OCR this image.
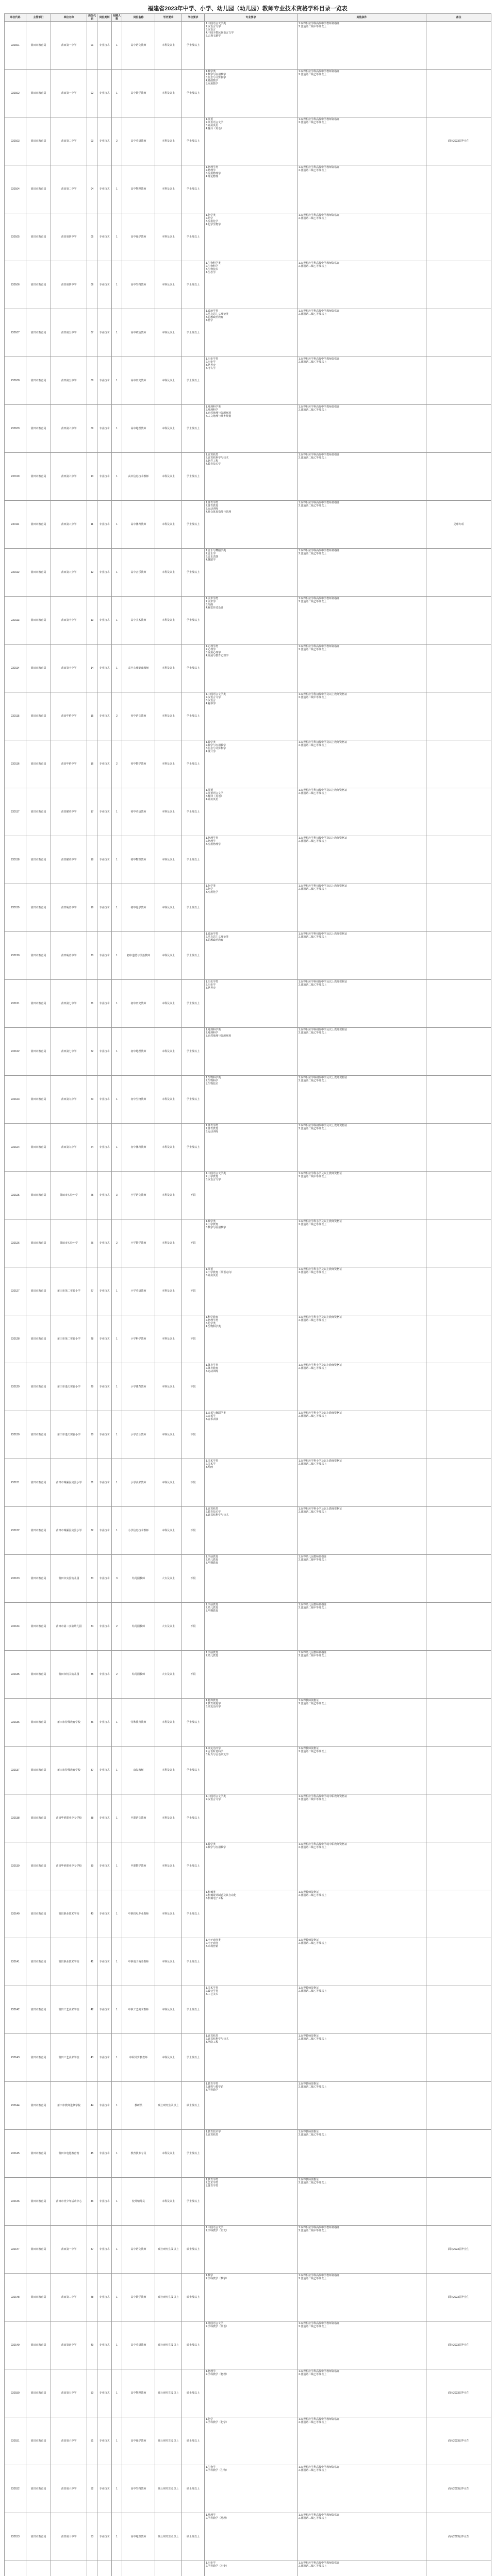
福建省2023年中学、小学、幼儿园（幼儿园）教师专业技术资格学科目录一览表
单位代码	主管部门	单位名称	岗位代码	岗位类别	招聘人数	岗位名称	学历要求	学位要求	专业要求	其他条件	备注
230101	莆田市教育局	莆田第一中学	01	专业技术	1	高中语文教师	本科及以上	学士及以上	1.中国语言文学类
2.汉语言文学
3.汉语言
4.中国少数民族语言文学
5.古典文献学	1.取得相应学科高级中学教师资格证
2.普通话二级甲等及以上	
230102	莆田市教育局	莆田第一中学	02	专业技术	1	高中数学教师	本科及以上	学士及以上	1.数学类
2.数学与应用数学
3.信息与计算科学
4.基础数学
5.应用数学	1.取得相应学科高级中学教师资格证
2.普通话二级乙等及以上	
230103	莆田市教育局	莆田第二中学	03	专业技术	2	高中英语教师	本科及以上	学士及以上	1.英语
2.英语语言文学
3.商务英语
4.翻译（英语）	1.取得相应学科高级中学教师资格证
2.普通话二级乙等及以上	面向2023届毕业生
230104	莆田市教育局	莆田第二中学	04	专业技术	1	高中物理教师	本科及以上	学士及以上	1.物理学类
2.物理学
3.应用物理学
4.理论物理	1.取得相应学科高级中学教师资格证
2.普通话二级乙等及以上	
230105	莆田市教育局	莆田第四中学	05	专业技术	1	高中化学教师	本科及以上	学士及以上	1.化学类
2.化学
3.应用化学
4.化学生物学	1.取得相应学科高级中学教师资格证
2.普通话二级乙等及以上	
230106	莆田市教育局	莆田第四中学	06	专业技术	1	高中生物教师	本科及以上	学士及以上	1.生物科学类
2.生物科学
3.生物技术
4.生态学	1.取得相应学科高级中学教师资格证
2.普通话二级乙等及以上	
230107	莆田市教育局	莆田第五中学	07	专业技术	1	高中政治教师	本科及以上	学士及以上	1.政治学类
2.马克思主义理论类
3.思想政治教育
4.哲学	1.取得相应学科高级中学教师资格证
2.普通话二级乙等及以上	
230108	莆田市教育局	莆田第五中学	08	专业技术	1	高中历史教师	本科及以上	学士及以上	1.历史学类
2.历史学
3.世界史
4.考古学	1.取得相应学科高级中学教师资格证
2.普通话二级乙等及以上	
230109	莆田市教育局	莆田第六中学	09	专业技术	1	高中地理教师	本科及以上	学士及以上	1.地理科学类
2.地理科学
3.自然地理与资源环境
4.人文地理与城乡规划	1.取得相应学科高级中学教师资格证
2.普通话二级乙等及以上	
230110	莆田市教育局	莆田第六中学	10	专业技术	1	高中信息技术教师	本科及以上	学士及以上	1.计算机类
2.计算机科学与技术
3.软件工程
4.教育技术学	1.取得相应学科高级中学教师资格证
2.普通话二级乙等及以上	
230111	莆田市教育局	莆田第八中学	11	专业技术	1	高中体育教师	本科及以上	学士及以上	1.体育学类
2.体育教育
3.运动训练
4.社会体育指导与管理	1.取得相应学科高级中学教师资格证
2.普通话二级乙等及以上	足球专项
230112	莆田市教育局	莆田第八中学	12	专业技术	1	高中音乐教师	本科及以上	学士及以上	1.音乐与舞蹈学类
2.音乐学
3.音乐表演
4.舞蹈学	1.取得相应学科高级中学教师资格证
2.普通话二级乙等及以上	
230113	莆田市教育局	莆田第十中学	13	专业技术	1	高中美术教师	本科及以上	学士及以上	1.美术学类
2.美术学
3.绘画
4.视觉传达设计	1.取得相应学科高级中学教师资格证
2.普通话二级乙等及以上	
230114	莆田市教育局	莆田第十中学	14	专业技术	1	高中心理健康教师	本科及以上	学士及以上	1.心理学类
2.心理学
3.应用心理学
4.发展与教育心理学	1.取得相应学科高级中学教师资格证
2.普通话二级乙等及以上	
230115	莆田市教育局	莆田华侨中学	15	专业技术	2	初中语文教师	本科及以上	学士及以上	1.中国语言文学类
2.汉语言文学
3.汉语言
4.秘书学	1.取得相应学科初级中学及以上教师资格证
2.普通话二级甲等及以上	
230116	莆田市教育局	莆田华侨中学	16	专业技术	2	初中数学教师	本科及以上	学士及以上	1.数学类
2.数学与应用数学
3.信息与计算科学
4.统计学	1.取得相应学科初级中学及以上教师资格证
2.普通话二级乙等及以上	
230117	莆田市教育局	莆田擢英中学	17	专业技术	1	初中英语教师	本科及以上	学士及以上	1.英语
2.英语语言文学
3.翻译（英语）
4.商务英语	1.取得相应学科初级中学及以上教师资格证
2.普通话二级乙等及以上	
230118	莆田市教育局	莆田擢英中学	18	专业技术	1	初中物理教师	本科及以上	学士及以上	1.物理学类
2.物理学
3.应用物理学	1.取得相应学科初级中学及以上教师资格证
2.普通话二级乙等及以上	
230119	莆田市教育局	莆田砺青中学	19	专业技术	1	初中化学教师	本科及以上	学士及以上	1.化学类
2.化学
3.应用化学	1.取得相应学科初级中学及以上教师资格证
2.普通话二级乙等及以上	
230120	莆田市教育局	莆田砺青中学	20	专业技术	1	初中道德与法治教师	本科及以上	学士及以上	1.政治学类
2.马克思主义理论类
3.思想政治教育	1.取得相应学科初级中学及以上教师资格证
2.普通话二级乙等及以上	
230121	莆田市教育局	莆田第七中学	21	专业技术	1	初中历史教师	本科及以上	学士及以上	1.历史学类
2.历史学
3.世界史	1.取得相应学科初级中学及以上教师资格证
2.普通话二级乙等及以上	
230122	莆田市教育局	莆田第七中学	22	专业技术	1	初中地理教师	本科及以上	学士及以上	1.地理科学类
2.地理科学
3.自然地理与资源环境	1.取得相应学科初级中学及以上教师资格证
2.普通话二级乙等及以上	
230123	莆田市教育局	莆田第九中学	23	专业技术	1	初中生物教师	本科及以上	学士及以上	1.生物科学类
2.生物科学
3.生物技术	1.取得相应学科初级中学及以上教师资格证
2.普通话二级乙等及以上	
230124	莆田市教育局	莆田第九中学	24	专业技术	1	初中体育教师	本科及以上	学士及以上	1.体育学类
2.体育教育
3.运动训练	1.取得相应学科初级中学及以上教师资格证
2.普通话二级乙等及以上	
230125	莆田市教育局	莆田市实验小学	25	专业技术	3	小学语文教师	本科及以上	不限	1.中国语言文学类
2.小学教育
3.汉语言文学	1.取得相应学科小学及以上教师资格证
2.普通话二级甲等及以上	
230126	莆田市教育局	莆田市实验小学	26	专业技术	2	小学数学教师	本科及以上	不限	1.数学类
2.小学教育
3.数学与应用数学	1.取得相应学科小学及以上教师资格证
2.普通话二级乙等及以上	
230127	莆田市教育局	莆田市第二实验小学	27	专业技术	1	小学英语教师	本科及以上	不限	1.英语
2.小学教育（英语方向）
3.商务英语	1.取得相应学科小学及以上教师资格证
2.普通话二级乙等及以上	
230128	莆田市教育局	莆田市第二实验小学	28	专业技术	1	小学科学教师	本科及以上	不限	1.科学教育
2.物理学类
3.化学类
4.生物科学类	1.取得相应学科小学及以上教师资格证
2.普通话二级乙等及以上	
230129	莆田市教育局	莆田市逸夫实验小学	29	专业技术	1	小学体育教师	本科及以上	不限	1.体育学类
2.体育教育
3.运动训练	1.取得相应学科小学及以上教师资格证
2.普通话二级乙等及以上	
230130	莆田市教育局	莆田市逸夫实验小学	30	专业技术	1	小学音乐教师	本科及以上	不限	1.音乐与舞蹈学类
2.音乐学
3.音乐表演	1.取得相应学科小学及以上教师资格证
2.普通话二级乙等及以上	
230131	莆田市教育局	莆田市城厢区实验小学	31	专业技术	1	小学美术教师	本科及以上	不限	1.美术学类
2.美术学
3.绘画	1.取得相应学科小学及以上教师资格证
2.普通话二级乙等及以上	
230132	莆田市教育局	莆田市城厢区实验小学	32	专业技术	1	小学信息技术教师	本科及以上	不限	1.计算机类
2.教育技术学
3.计算机科学与技术	1.取得相应学科小学及以上教师资格证
2.普通话二级乙等及以上	
230133	莆田市教育局	莆田市实验幼儿园	33	专业技术	3	幼儿园教师	大专及以上	不限	1.学前教育
2.幼儿教育
3.早期教育	1.取得幼儿园教师资格证
2.普通话二级甲等及以上	
230134	莆田市教育局	莆田市第二实验幼儿园	34	专业技术	2	幼儿园教师	大专及以上	不限	1.学前教育
2.幼儿教育
3.早期教育	1.取得幼儿园教师资格证
2.普通话二级甲等及以上	
230135	莆田市教育局	莆田市机关幼儿园	35	专业技术	2	幼儿园教师	大专及以上	不限	1.学前教育
2.幼儿教育	1.取得幼儿园教师资格证
2.普通话二级甲等及以上	
230136	莆田市教育局	莆田市特殊教育学校	36	专业技术	1	特殊教育教师	本科及以上	学士及以上	1.特殊教育
2.教育康复学
3.康复治疗学	1.取得教师资格证
2.普通话二级乙等及以上	
230137	莆田市教育局	莆田市特殊教育学校	37	专业技术	1	康复教师	本科及以上	学士及以上	1.康复治疗学
2.言语听觉科学
3.听力与言语康复学	1.取得教师资格证
2.普通话二级乙等及以上	
230138	莆田市教育局	莆田华侨职业中专学校	38	专业技术	1	中职语文教师	本科及以上	学士及以上	1.中国语言文学类
2.汉语言文学	1.取得相应学科高级中学或中职教师资格证
2.普通话二级甲等及以上	
230139	莆田市教育局	莆田华侨职业中专学校	39	专业技术	1	中职数学教师	本科及以上	学士及以上	1.数学类
2.数学与应用数学	1.取得相应学科高级中学或中职教师资格证
2.普通话二级乙等及以上	
230140	莆田市教育局	莆田职业技术学校	40	专业技术	1	中职机电专业教师	本科及以上	学士及以上	1.机械类
2.机械设计制造及其自动化
3.机械电子工程	1.取得教师资格证
2.普通话二级乙等及以上	
230141	莆田市教育局	莆田职业技术学校	41	专业技术	1	中职电子商务教师	本科及以上	学士及以上	1.电子商务类
2.电子商务
3.市场营销	1.取得教师资格证
2.普通话二级乙等及以上	
230142	莆田市教育局	莆田工艺美术学校	42	专业技术	1	中职工艺美术教师	本科及以上	学士及以上	1.美术学类
2.设计学类
3.工艺美术	1.取得教师资格证
2.普通话二级乙等及以上	
230143	莆田市教育局	莆田工艺美术学校	43	专业技术	1	中职计算机教师	本科及以上	学士及以上	1.计算机类
2.计算机科学与技术
3.网络工程	1.取得教师资格证
2.普通话二级乙等及以上	
230144	莆田市教育局	莆田市教师进修学院	44	专业技术	1	教研员	硕士研究生及以上	硕士及以上	1.教育学类
2.课程与教学论
3.学科教学	1.取得教师资格证
2.普通话二级乙等及以上	
230145	莆田市教育局	莆田市电化教育馆	45	专业技术	1	教育技术专员	本科及以上	学士及以上	1.教育技术学
2.计算机类	1.取得教师资格证
2.普通话二级乙等及以上	
230146	莆田市教育局	莆田市青少年活动中心	46	专业技术	1	校外辅导员	本科及以上	学士及以上	1.教育学类
2.艺术学类
3.体育学类	1.取得教师资格证
2.普通话二级乙等及以上	
230147	莆田市教育局	莆田第一中学	47	专业技术	1	高中语文教师	硕士研究生及以上	硕士及以上	1.中国语言文学
2.学科教学（语文）	1.取得相应学科高级中学教师资格证
2.普通话二级甲等及以上	面向2023届毕业生
230148	莆田市教育局	莆田第二中学	48	专业技术	1	高中数学教师	硕士研究生及以上	硕士及以上	1.数学
2.学科教学（数学）	1.取得相应学科高级中学教师资格证
2.普通话二级乙等及以上	面向2023届毕业生
230149	莆田市教育局	莆田第四中学	49	专业技术	1	高中英语教师	硕士研究生及以上	硕士及以上	1.外国语言文学
2.学科教学（英语）	1.取得相应学科高级中学教师资格证
2.普通话二级乙等及以上	面向2023届毕业生
230150	莆田市教育局	莆田第五中学	50	专业技术	1	高中物理教师	硕士研究生及以上	硕士及以上	1.物理学
2.学科教学（物理）	1.取得相应学科高级中学教师资格证
2.普通话二级乙等及以上	面向2023届毕业生
230151	莆田市教育局	莆田第六中学	51	专业技术	1	高中化学教师	硕士研究生及以上	硕士及以上	1.化学
2.学科教学（化学）	1.取得相应学科高级中学教师资格证
2.普通话二级乙等及以上	面向2023届毕业生
230152	莆田市教育局	莆田第八中学	52	专业技术	1	高中生物教师	硕士研究生及以上	硕士及以上	1.生物学
2.学科教学（生物）	1.取得相应学科高级中学教师资格证
2.普通话二级乙等及以上	面向2023届毕业生
230153	莆田市教育局	莆田第十中学	53	专业技术	1	高中地理教师	硕士研究生及以上	硕士及以上	1.地理学
2.学科教学（地理）	1.取得相应学科高级中学教师资格证
2.普通话二级乙等及以上	面向2023届毕业生
									1.历史学
2.学科教学（历史）	1.取得相应学科高级中学教师资格证
2.普通话二级乙等及以上	
